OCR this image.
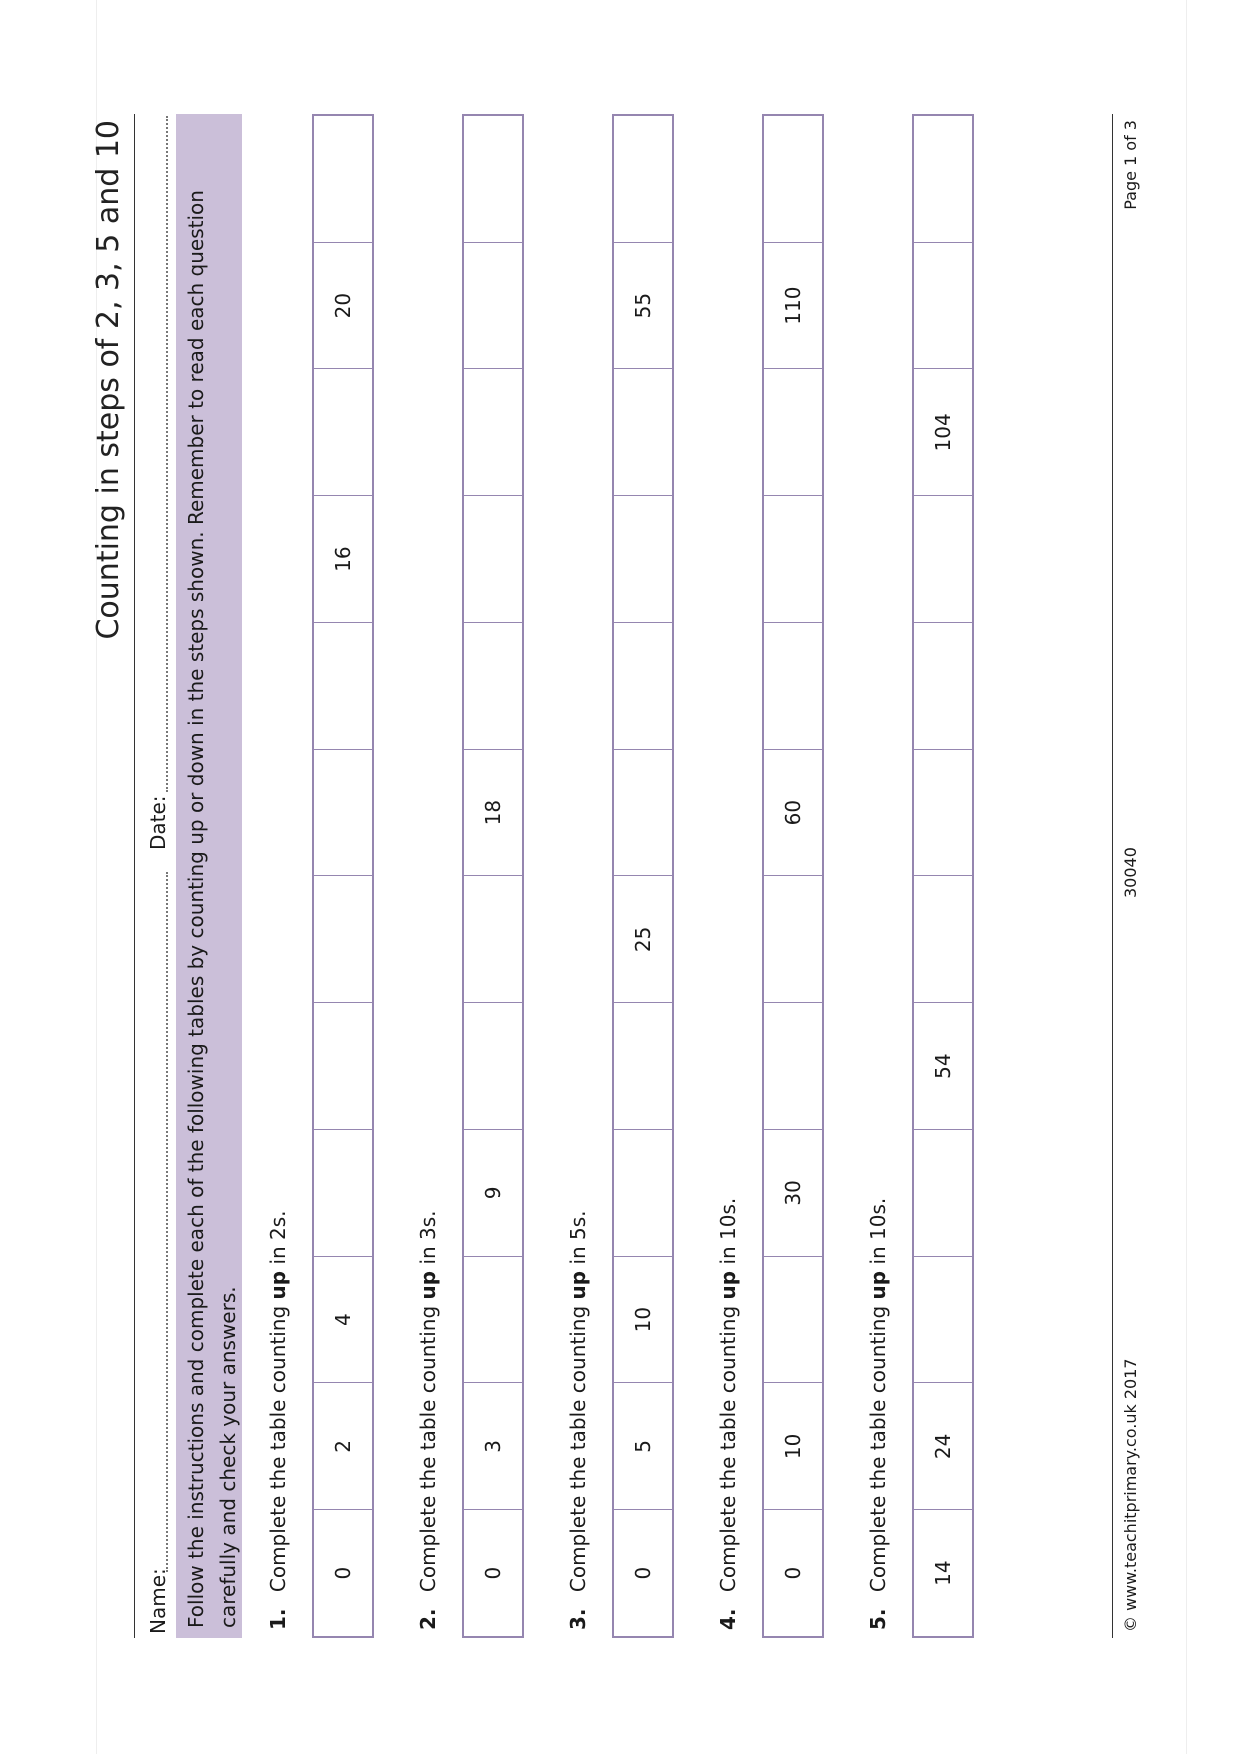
Counting in steps of 2, 3, 5 and 10
Name:
Date: Follow the instructions and complete each of the following tables by counting up or down in the steps shown. Remember to read each question carefully and check your answers. 1. Complete the table counting up in 2s.
0
2
4
16
20
2. Complete the table counting up in 3s.
0
3
9
18
3. Complete the table counting up in 5s.
0
5
10
25
55
4. Complete the table counting up in 10s.
0
10
30
60
110
5. Complete the table counting up in 10s.
14
24
54
104
© www.teachitprimary.co.uk 2017
30040
Page 1 of 3
